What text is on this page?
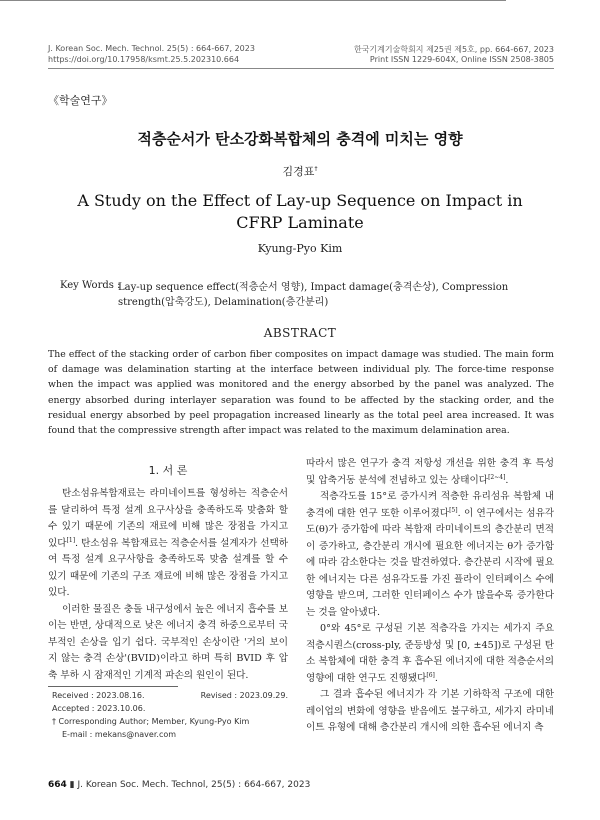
J. Korean Soc. Mech. Technol. 25(5) : 664-667, 2023
https://doi.org/10.17958/ksmt.25.5.202310.664
한국기계기술학회지 제25권 제5호, pp. 664-667, 2023
Print ISSN 1229-604X, Online ISSN 2508-3805
《학술연구》
적층순서가 탄소강화복합체의 충격에 미치는 영향
김경표†
A Study on the Effect of Lay-up Sequence on Impact in
CFRP Laminate
Kyung-Pyo Kim
Key Words :
Lay-up sequence effect(적층순서 영향), Impact damage(충격손상), Compression strength(압축강도), Delamination(층간분리)
ABSTRACT
The effect of the stacking order of carbon fiber composites on impact damage was studied. The main form of damage was delamination starting at the interface between individual ply. The force-time response when the impact was applied was monitored and the energy absorbed by the panel was analyzed. The energy absorbed during interlayer separation was found to be affected by the stacking order, and the residual energy absorbed by peel propagation increased linearly as the total peel area increased. It was found that the compressive strength after impact was related to the maximum delamination area.
1. 서 론

탄소섬유복합재료는 라미네이트를 형성하는 적층순서를 달리하여 특정 설계 요구사상을 충족하도록 맞춤화 할 수 있기 때문에 기존의 재료에 비해 많은 장점을 가지고 있다[1]. 탄소섬유 복합재료는 적층순서를 설계자가 선택하여 특정 설계 요구사항을 충족하도록 맞춤 설계를 할 수 있기 때문에 기존의 구조 재료에 비해 많은 장점을 가지고 있다.

이러한 물질은 충돌 내구성에서 높은 에너지 흡수를 보이는 반면, 상대적으로 낮은 에너지 충격 하중으로부터 국부적인 손상을 입기 쉽다. 국부적인 손상이란 '거의 보이지 않는 충격 손상'(BVID)이라고 하며 특히 BVID 후 압축 부하 시 잠재적인 기계적 파손의 원인이 된다.

따라서 많은 연구가 충격 저항성 개선을 위한 충격 후 특성 및 압축거동 분석에 전념하고 있는 상태이다[2~4].

적층각도를 15°로 증가시켜 적층한 유리섬유 복합체 내충격에 대한 연구 또한 이루어졌다[5]. 이 연구에서는 섬유각도(θ)가 증가함에 따라 복합재 라미네이트의 층간분리 면적이 증가하고, 층간분리 개시에 필요한 에너지는 θ가 증가함에 따라 감소한다는 것을 발견하였다. 층간분리 시작에 필요한 에너지는 다른 섬유각도를 가진 플라이 인터페이스 수에 영향을 받으며, 그러한 인터페이스 수가 많을수록 증가한다는 것을 알아냈다.

0°와 45°로 구성된 기본 적층각을 가지는 세가지 주요 적층시퀀스(cross-ply, 준등방성 및 [0, ±45])로 구성된 탄소 복합체에 대한 충격 후 흡수된 에너지에 대한 적층순서의 영향에 대한 연구도 진행됐다[6].

그 결과 흡수된 에너지가 각 기본 기하학적 구조에 대한 레이업의 변화에 영향을 받음에도 불구하고, 세가지 라미네이트 유형에 대해 층간분리 개시에 의한 흡수된 에너지 측

Received : 2023.08.16.	Revised : 2023.09.29.
Accepted : 2023.10.06.
† Corresponding Author; Member, Kyung-Pyo Kim
E-mail : mekans@naver.com
664 ▮ J. Korean Soc. Mech. Technol, 25(5) : 664-667, 2023
